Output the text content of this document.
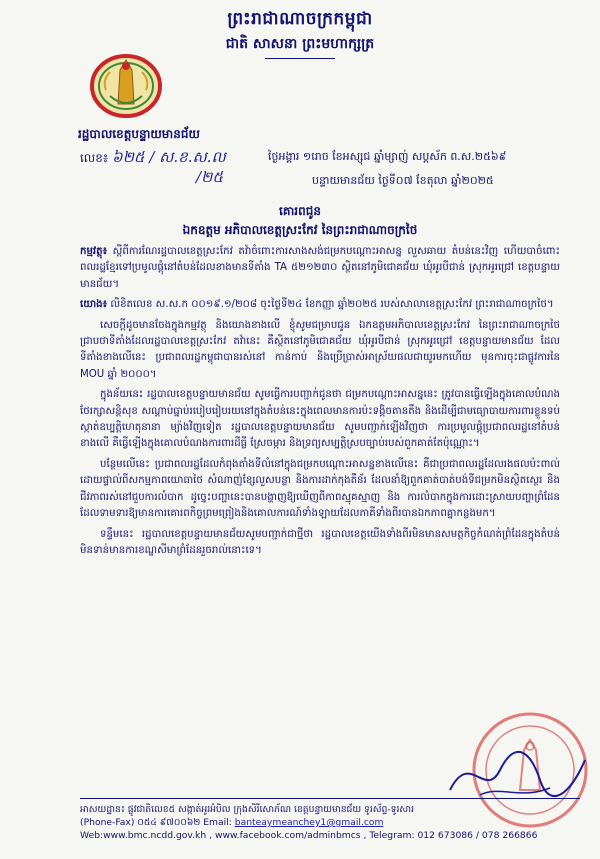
ព្រះរាជាណាចក្រកម្ពុជា
ជាតិ សាសនា ព្រះមហាក្សត្រ
រដ្ឋបាលខេត្តបន្ទាយមានជ័យ
លេខ៖ ៦២៥ / ស.ខ.ស.ល
/២៥
ថ្ងៃអង្គារ ១រោច ខែអស្សុជ ឆ្នាំម្សាញ់ សប្តស័ក ព.ស.២៥៦៩
បន្ទាយមានជ័យ ថ្ងៃទី០៧ ខែតុលា ឆ្នាំ២០២៥
គោរពជូន
ឯកឧត្តម អភិបាលខេត្តស្រះកែវ នៃព្រះរាជាណាចក្រថៃ

កម្មវត្ថុ៖ ស្តីពីការណែរដ្ឋបាលខេត្តស្រះកែវ តវ៉ាចំពោះការសាងសង់ជម្រកបណ្តោះអាសន្ន លួសឆាយ តំបន់នេះវិញ ហើយបាចំពោះពលរដ្ឋខ្មែរទៅប្រមូលផ្តុំនៅតំបន់ដែលខាងមានទីតាំង TA ៥២១២៣០ ស្ថិតនៅភូមិជោគជ័យ ឃុំអូរបីជាន់ ស្រុកអូរជ្រៅ ខេត្តបន្ទាយមានជ័យ។

យោង៖ លិខិតលេខ ស.ស.ក ០០១៩.១/២០៨ ចុះថ្ងៃទី២៤ ខែកញ្ញា ឆ្នាំ២០២៥ របស់សាលាខេត្តស្រះកែវ ព្រះរាជាណាចក្រថៃ។

សេចក្តីដូចមានចែងក្នុងកម្មវត្ថុ និងយោងខាងលើ ខ្ញុំសូមជម្រាបជូន ឯកឧត្តមអភិបាលខេត្តស្រះកែវ នៃព្រះរាជាណាចក្រថៃ ជ្រាបថាទីតាំងដែលរដ្ឋបាលខេត្តស្រះកែវ តវ៉ានេះ គឺស្ថិតនៅភូមិជោគជ័យ ឃុំអូរបីជាន់ ស្រុកអូរជ្រៅ ខេត្តបន្ទាយមានជ័យ ដែលទីតាំងខាងលើនេះ ប្រជាពលរដ្ឋកម្ពុជាបានរស់នៅ កាន់កាប់ និងប្រើប្រាស់អាស្រ័យផលជាយូរមកហើយ មុនការចុះជាផ្លូវការនៃ MOU ឆ្នាំ ២០០០។

ក្នុងន័យនេះ រដ្ឋបាលខេត្តបន្ទាយមានជ័យ សូមធ្វើការបញ្ជាក់ជូនថា ជម្រកបណ្តោះអាសន្ននេះ ត្រូវបានធ្វើឡើងក្នុងគោលបំណងថែរក្សាសន្តិសុខ សណ្តាប់ធ្នាប់របៀបរៀបរយនៅក្នុងតំបន់នេះក្នុងពេលមានការប៉ះទង្គិចតានតឹង និងដើម្បីជាមធ្យោបាយការពារខ្លួនទប់ស្កាត់ឧប្បត្តិហេតុនានា ម្យ៉ាងវិញទៀត រដ្ឋបាលខេត្តបន្ទាយមានជ័យ សូមបញ្ជាក់ឡើងវិញថា ការប្រមូលផ្តុំប្រជាពលរដ្ឋនៅតំបន់ខាងលើ គឺធ្វើឡើងក្នុងគោលបំណងការពារដីធ្លី ស្រែចម្ការ និងទ្រព្យសម្បត្តិស្របច្បាប់របស់ពួកគាត់តែប៉ុណ្ណោះ។

បន្ថែមលើនេះ ប្រជាពលរដ្ឋដែលកំពុងតាំងទីលំនៅក្នុងជម្រកបណ្តោះអាសន្នខាងលើនេះ គឺជាប្រជាពលរដ្ឋដែលរងផលប៉ះពាល់ដោយផ្ទាល់ពីសកម្មភាពយោធាថៃ សំណាញ់ខ្សែលួសបន្លា និងការដាក់កុងតឺន័រ ដែលនាំឱ្យពួកគាត់បាត់បង់ទីជម្រកមិនស្ថិតស្ថេរ និងជីវភាពរស់នៅជួបការលំបាក ដូច្នេះបញ្ហានេះបានបង្ហាញឱ្យឃើញពីភាពស្មុគស្មាញ និង ការលំបាកក្នុងការដោះស្រាយបញ្ហាព្រំដែនដែលទាមទារឱ្យមានការគោរពកិច្ចព្រមព្រៀងនិងគោលការណ៍ទាំងឡាយដែលភាគីទាំងពីរបានឯកភាពគ្នាកន្លងមក។

ទន្ទឹមនេះ រដ្ឋបាលខេត្តបន្ទាយមានជ័យសូមបញ្ជាក់ជាថ្មីថា រដ្ឋបាលខេត្តយើងទាំងពីរមិនមានសមត្ថកិច្ចកំណត់ព្រំដែនក្នុងតំបន់មិនទាន់មានការខណ្ឌសីមាព្រំដែនរួចរាល់នោះទេ។

អាសយដ្ឋាន៖ ផ្លូវជាតិលេខ៥ សង្កាត់អូរអំបិល ក្រុងសិរីសោភ័ណ ខេត្តបន្ទាយមានជ័យ ទូរស័ព្ទ-ទូរសារ
(Phone-Fax) ០៥៤ ៩៧០០៦២ Email: banteaymeanchey1@gmail.com
Web:www.bmc.ncdd.gov.kh , www.facebook.com/adminbmcs , Telegram: 012 673086 / 078 266866
